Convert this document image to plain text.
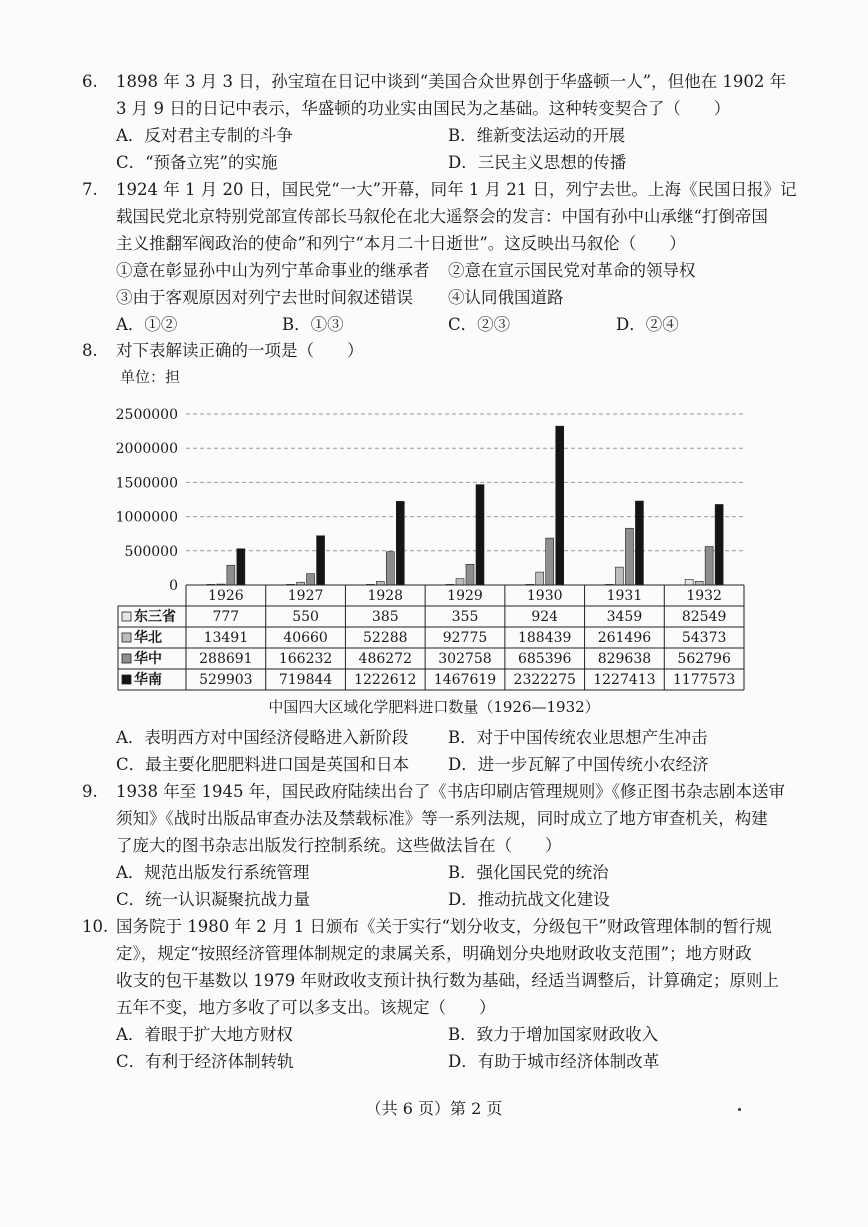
6. 1898 年 3 月 3 日，孙宝瑄在日记中谈到“美国合众世界创于华盛顿一人”，但他在 1902 年
3 月 9 日的日记中表示，华盛顿的功业实由国民为之基础。这种转变契合了（　　）
A．反对君主专制的斗争	B．维新变法运动的开展
C．“预备立宪”的实施	D．三民主义思想的传播
7. 1924 年 1 月 20 日，国民党“一大”开幕，同年 1 月 21 日，列宁去世。上海《民国日报》记
载国民党北京特别党部宣传部长马叙伦在北大遥祭会的发言：中国有孙中山承继“打倒帝国
主义推翻军阀政治的使命”和列宁“本月二十日逝世”。这反映出马叙伦（　　）
①意在彰显孙中山为列宁革命事业的继承者 ②意在宣示国民党对革命的领导权
③由于客观原因对列宁去世时间叙述错误 ④认同俄国道路
A．①②	B．①③	C．②③	D．②④
8. 对下表解读正确的一项是（　　）
单位：担
0
500000
1000000
1500000
2000000
2500000
1926	1927	1928	1929	1930	1931	1932
东三省	777	550	385	355	924	3459	82549
华北	13491	40660	52288	92775 188439 261496 54373
华中	288691 166232 486272 302758 685396 829638 562796
华南	529903 719844 1222612 1467619 2322275 1227413 1177573
中国四大区域化学肥料进口数量（1926—1932）
A．表明西方对中国经济侵略进入新阶段 B．对于中国传统农业思想产生冲击
C．最主要化肥肥料进口国是英国和日本 D．进一步瓦解了中国传统小农经济
9. 1938 年至 1945 年，国民政府陆续出台了《书店印刷店管理规则》《修正图书杂志剧本送审
须知》《战时出版品审查办法及禁载标准》等一系列法规，同时成立了地方审查机关，构建
了庞大的图书杂志出版发行控制系统。这些做法旨在（　　）
A．规范出版发行系统管理	B．强化国民党的统治
C．统一认识凝聚抗战力量	D．推动抗战文化建设
10. 国务院于 1980 年 2 月 1 日颁布《关于实行“划分收支，分级包干”财政管理体制的暂行规
定》，规定“按照经济管理体制规定的隶属关系，明确划分央地财政收支范围”；地方财政
收支的包干基数以 1979 年财政收支预计执行数为基础，经适当调整后，计算确定；原则上
五年不变，地方多收了可以多支出。该规定（　　）
A．着眼于扩大地方财权	B．致力于增加国家财政收入
C．有利于经济体制转轨	D．有助于城市经济体制改革
（共 6 页）第 2 页
